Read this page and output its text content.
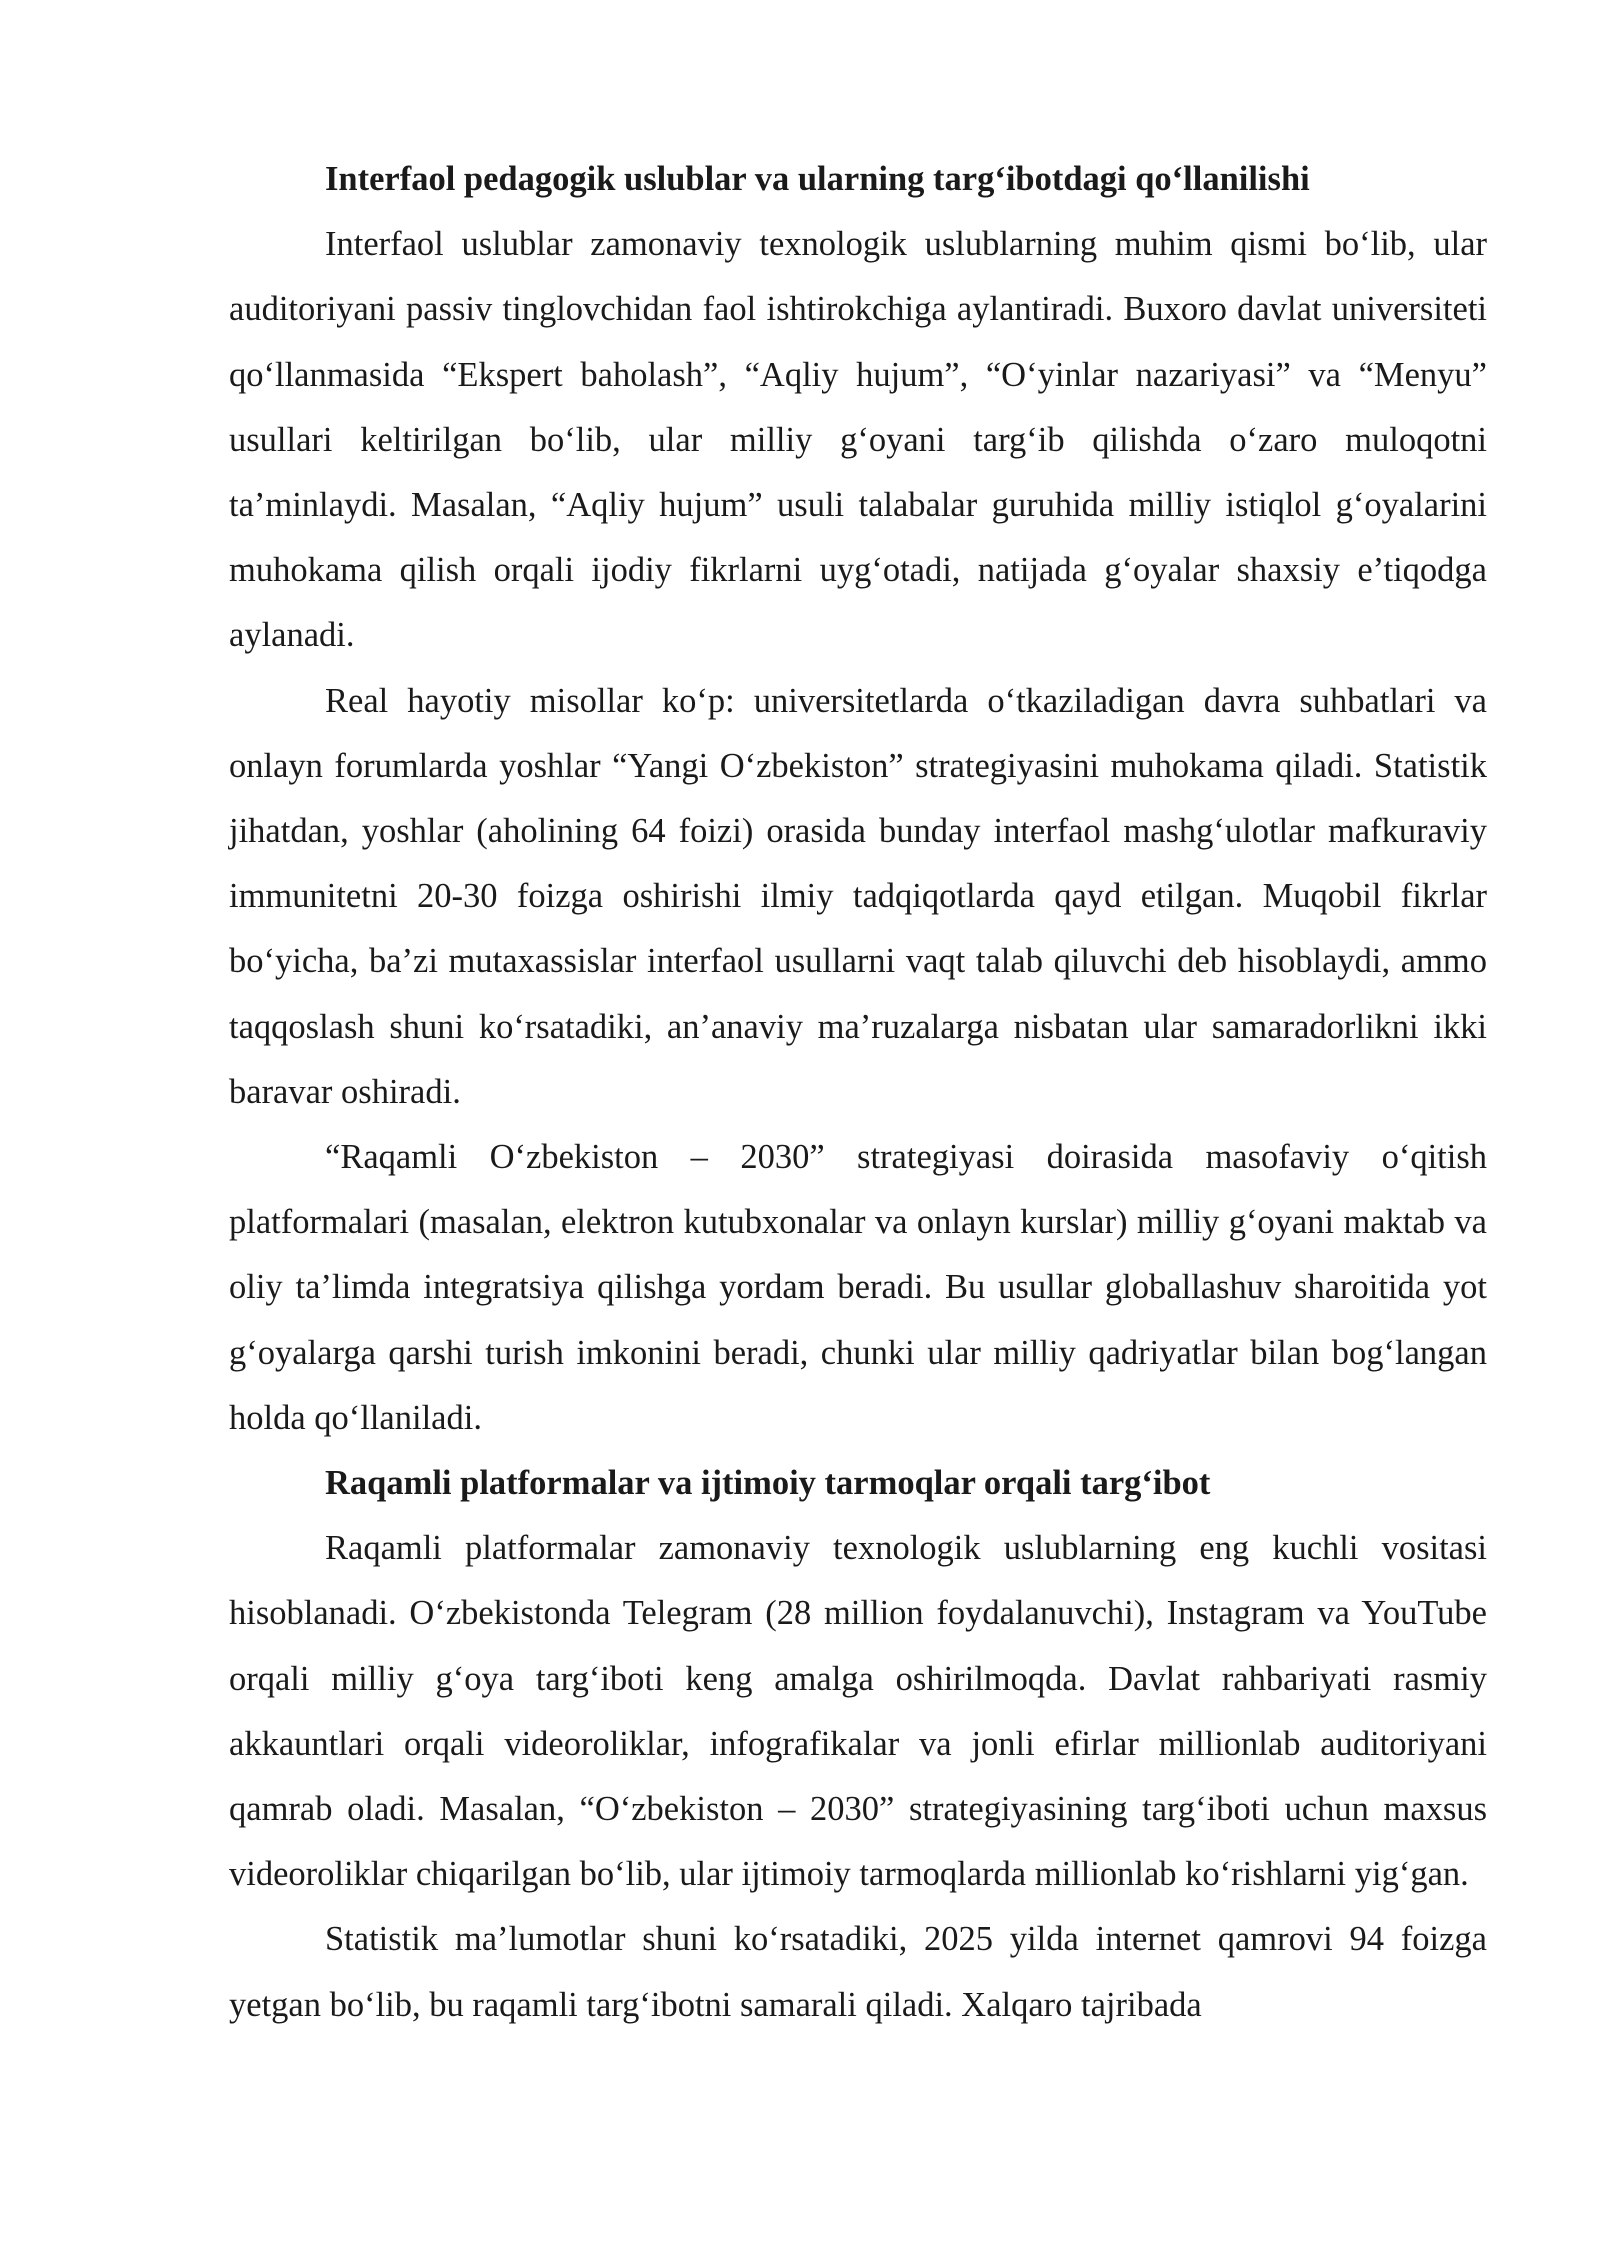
Interfaol pedagogik uslublar va ularning targ‘ibotdagi qo‘llanilishi

Interfaol uslublar zamonaviy texnologik uslublarning muhim qismi bo‘lib, ular auditoriyani passiv tinglovchidan faol ishtirokchiga aylantiradi. Buxoro davlat universiteti qo‘llanmasida “Ekspert baholash”, “Aqliy hujum”, “O‘yinlar nazariyasi” va “Menyu” usullari keltirilgan bo‘lib, ular milliy g‘oyani targ‘ib qilishda o‘zaro muloqotni ta’minlaydi. Masalan, “Aqliy hujum” usuli talabalar guruhida milliy istiqlol g‘oyalarini muhokama qilish orqali ijodiy fikrlarni uyg‘otadi, natijada g‘oyalar shaxsiy e’tiqodga aylanadi.

Real hayotiy misollar ko‘p: universitetlarda o‘tkaziladigan davra suhbatlari va onlayn forumlarda yoshlar “Yangi O‘zbekiston” strategiyasini muhokama qiladi. Statistik jihatdan, yoshlar (aholining 64 foizi) orasida bunday interfaol mashg‘ulotlar mafkuraviy immunitetni 20-30 foizga oshirishi ilmiy tadqiqotlarda qayd etilgan. Muqobil fikrlar bo‘yicha, ba’zi mutaxassislar interfaol usullarni vaqt talab qiluvchi deb hisoblaydi, ammo taqqoslash shuni ko‘rsatadiki, an’anaviy ma’ruzalarga nisbatan ular samaradorlikni ikki baravar oshiradi.

“Raqamli O‘zbekiston – 2030” strategiyasi doirasida masofaviy o‘qitish platformalari (masalan, elektron kutubxonalar va onlayn kurslar) milliy g‘oyani maktab va oliy ta’limda integratsiya qilishga yordam beradi. Bu usullar globallashuv sharoitida yot g‘oyalarga qarshi turish imkonini beradi, chunki ular milliy qadriyatlar bilan bog‘langan holda qo‘llaniladi.

Raqamli platformalar va ijtimoiy tarmoqlar orqali targ‘ibot

Raqamli platformalar zamonaviy texnologik uslublarning eng kuchli vositasi hisoblanadi. O‘zbekistonda Telegram (28 million foydalanuvchi), Instagram va YouTube orqali milliy g‘oya targ‘iboti keng amalga oshirilmoqda. Davlat rahbariyati rasmiy akkauntlari orqali videoroliklar, infografikalar va jonli efirlar millionlab auditoriyani qamrab oladi. Masalan, “O‘zbekiston – 2030” strategiyasining targ‘iboti uchun maxsus videoroliklar chiqarilgan bo‘lib, ular ijtimoiy tarmoqlarda millionlab ko‘rishlarni yig‘gan.

Statistik ma’lumotlar shuni ko‘rsatadiki, 2025 yilda internet qamrovi 94 foizga yetgan bo‘lib, bu raqamli targ‘ibotni samarali qiladi. Xalqaro tajribada
